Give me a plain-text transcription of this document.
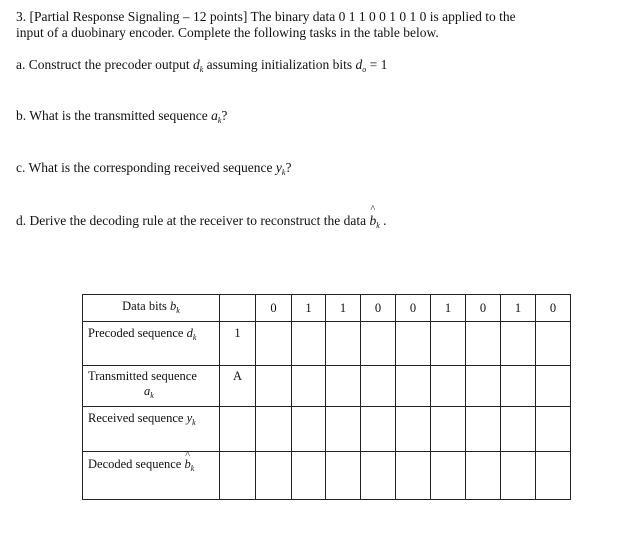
3. [Partial Response Signaling – 12 points] The binary data 0 1 1 0 0 1 0 1 0 is applied to the
input of a duobinary encoder. Complete the following tasks in the table below.
a. Construct the precoder output $d_k$ assuming initialization bits $d_o = 1$
b. What is the transmitted sequence $a_k$?
c. What is the corresponding received sequence $y_k$?
d. Derive the decoding rule at the receiver to reconstruct the data ^ $b_k$ .
Data bits $b_k$		0	1	1	0	0	1	0	1	0
Precoded sequence $d_k$	1									

Transmitted sequence
$a_k$	A									
Received sequence $y_k$										
Decoded sequence ^ $b_k$										
